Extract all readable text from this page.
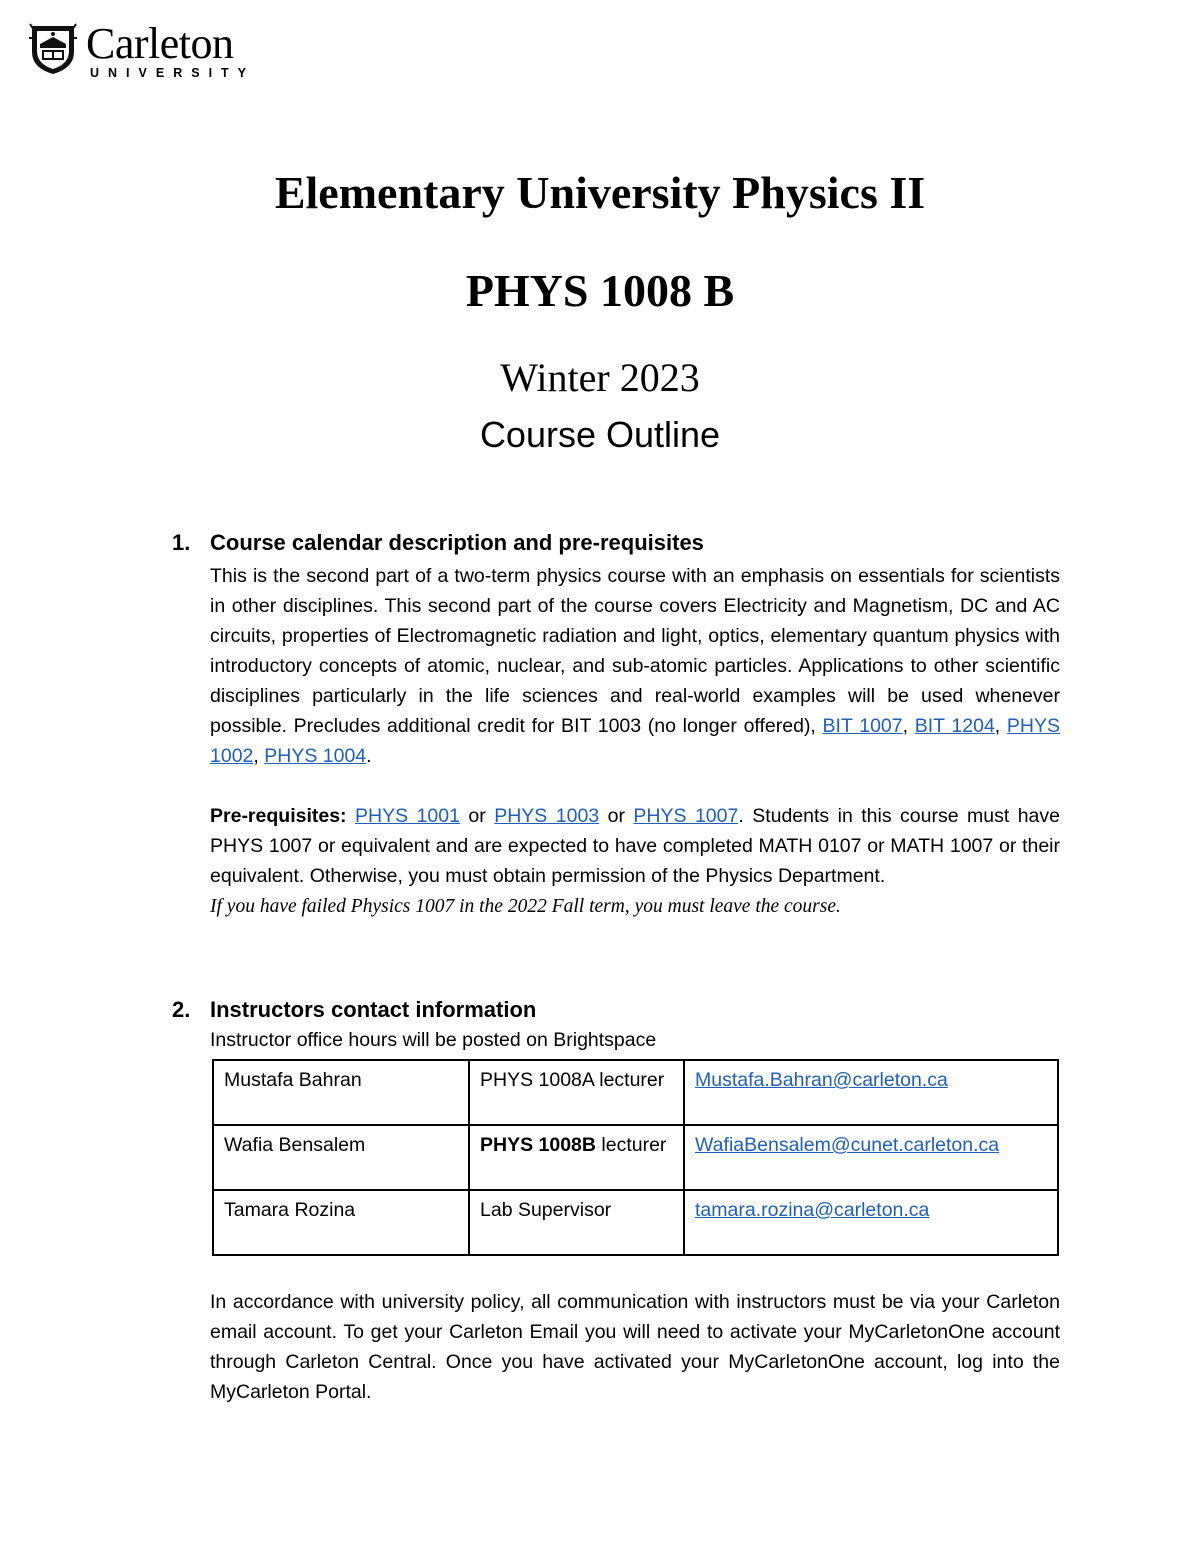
Carleton
UNIVERSITY
Elementary University Physics II
PHYS 1008 B
Winter 2023
Course Outline
1. Course calendar description and pre-requisites
This is the second part of a two-term physics course with an emphasis on essentials for scientists in other disciplines. This second part of the course covers Electricity and Magnetism, DC and AC circuits, properties of Electromagnetic radiation and light, optics, elementary quantum physics with introductory concepts of atomic, nuclear, and sub-atomic particles. Applications to other scientific disciplines particularly in the life sciences and real-world examples will be used whenever possible. Precludes additional credit for BIT 1003 (no longer offered), BIT 1007, BIT 1204, PHYS 1002, PHYS 1004.
Pre-requisites: PHYS 1001 or PHYS 1003 or PHYS 1007. Students in this course must have PHYS 1007 or equivalent and are expected to have completed MATH 0107 or MATH 1007 or their equivalent. Otherwise, you must obtain permission of the Physics Department.
If you have failed Physics 1007 in the 2022 Fall term, you must leave the course.
2. Instructors contact information
Instructor office hours will be posted on Brightspace
Mustafa Bahran	PHYS 1008A lecturer	Mustafa.Bahran@carleton.ca
Wafia Bensalem	PHYS 1008B lecturer	WafiaBensalem@cunet.carleton.ca
Tamara Rozina	Lab Supervisor	tamara.rozina@carleton.ca
In accordance with university policy, all communication with instructors must be via your Carleton email account. To get your Carleton Email you will need to activate your MyCarletonOne account through Carleton Central. Once you have activated your MyCarletonOne account, log into the MyCarleton Portal.
